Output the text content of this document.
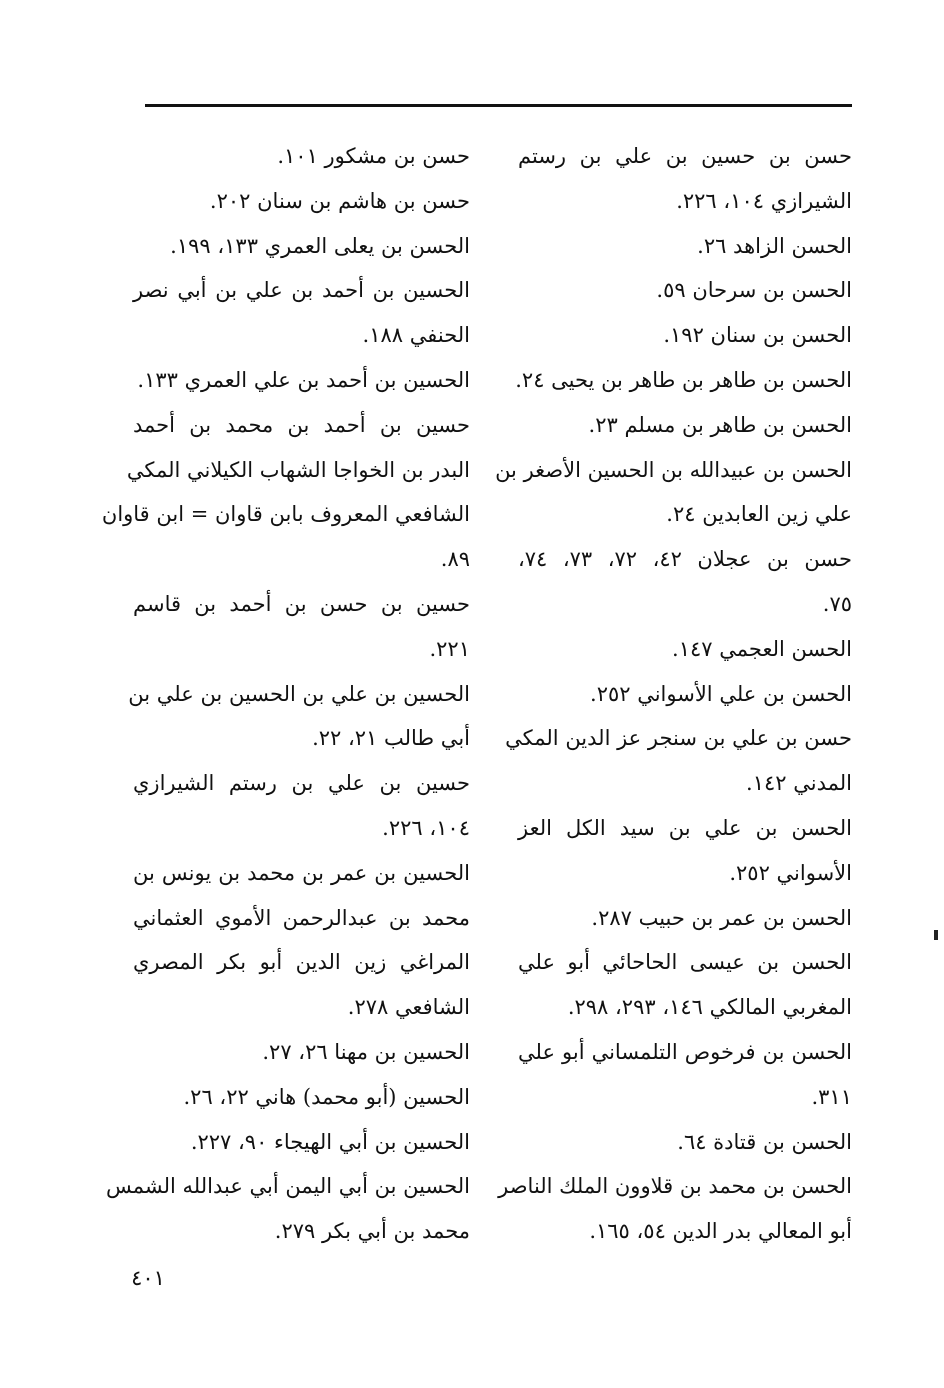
حسن بن حسين بن علي بن رستم
الشيرازي ١٠٤، ٢٢٦.
الحسن الزاهد ٢٦.
الحسن بن سرحان ٥٩.
الحسن بن سنان ١٩٢.
الحسن بن طاهر بن طاهر بن يحيى ٢٤.
الحسن بن طاهر بن مسلم ٢٣.
الحسن بن عبيدالله بن الحسين الأصغر بن
علي زين العابدين ٢٤.
حسن بن عجلان ٤٢، ٧٢، ٧٣، ٧٤،
٧٥.
الحسن العجمي ١٤٧.
الحسن بن علي الأسواني ٢٥٢.
حسن بن علي بن سنجر عز الدين المكي
المدني ١٤٢.
الحسن بن علي بن سيد الكل العز
الأسواني ٢٥٢.
الحسن بن عمر بن حبيب ٢٨٧.
الحسن بن عيسى الحاحائي أبو علي
المغربي المالكي ١٤٦، ٢٩٣، ٢٩٨.
الحسن بن فرخوص التلمساني أبو علي
٣١١.
الحسن بن قتادة ٦٤.
الحسن بن محمد بن قلاوون الملك الناصر
أبو المعالي بدر الدين ٥٤، ١٦٥.
حسن بن مشكور ١٠١.
حسن بن هاشم بن سنان ٢٠٢.
الحسن بن يعلى العمري ١٣٣، ١٩٩.
الحسين بن أحمد بن علي بن أبي نصر
الحنفي ١٨٨.
الحسين بن أحمد بن علي العمري ١٣٣.
حسين بن أحمد بن محمد بن أحمد
البدر بن الخواجا الشهاب الكيلاني المكي
الشافعي المعروف بابن قاوان = ابن قاوان
٨٩.
حسين بن حسن بن أحمد بن قاسم
٢٢١.
الحسين بن علي بن الحسين بن علي بن
أبي طالب ٢١، ٢٢.
حسين بن علي بن رستم الشيرازي
١٠٤، ٢٢٦.
الحسين بن عمر بن محمد بن يونس بن
محمد بن عبدالرحمن الأموي العثماني
المراغي زين الدين أبو بكر المصري
الشافعي ٢٧٨.
الحسين بن مهنا ٢٦، ٢٧.
الحسين (أبو محمد) هاني ٢٢، ٢٦.
الحسين بن أبي الهيجاء ٩٠، ٢٢٧.
الحسين بن أبي اليمن أبي عبدالله الشمس
محمد بن أبي بكر ٢٧٩.
٤٠١
